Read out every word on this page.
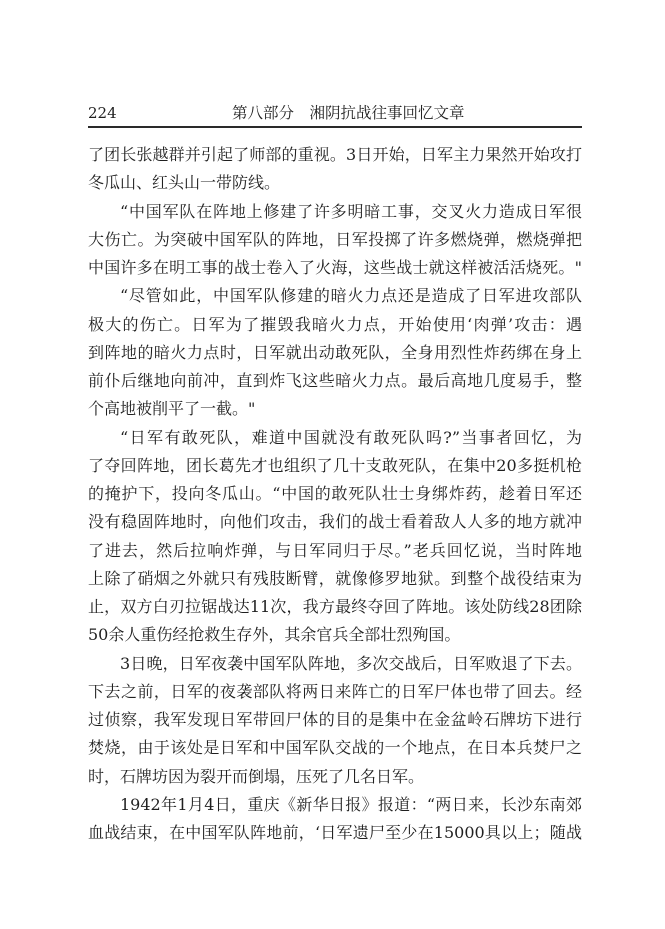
224	第八部分　湘阴抗战往事回忆文章
了团长张越群并引起了师部的重视。3日开始，日军主力果然开始攻打
冬瓜山、红头山一带防线。
“中国军队在阵地上修建了许多明暗工事，交叉火力造成日军很
大伤亡。为突破中国军队的阵地，日军投掷了许多燃烧弹，燃烧弹把
中国许多在明工事的战士卷入了火海，这些战士就这样被活活烧死。"
“尽管如此，中国军队修建的暗火力点还是造成了日军进攻部队
极大的伤亡。日军为了摧毁我暗火力点，开始使用‘肉弹’攻击：遇
到阵地的暗火力点时，日军就出动敢死队，全身用烈性炸药绑在身上
前仆后继地向前冲，直到炸飞这些暗火力点。最后高地几度易手，整
个高地被削平了一截。"
“日军有敢死队，难道中国就没有敢死队吗?”当事者回忆，为
了夺回阵地，团长葛先才也组织了几十支敢死队，在集中20多挺机枪
的掩护下，投向冬瓜山。“中国的敢死队壮士身绑炸药，趁着日军还
没有稳固阵地时，向他们攻击，我们的战士看着敌人人多的地方就冲
了进去，然后拉响炸弹，与日军同归于尽。”老兵回忆说，当时阵地
上除了硝烟之外就只有残肢断臂，就像修罗地狱。到整个战役结束为
止，双方白刃拉锯战达11次，我方最终夺回了阵地。该处防线28团除
50余人重伤经抢救生存外，其余官兵全部壮烈殉国。
3日晚，日军夜袭中国军队阵地，多次交战后，日军败退了下去。
下去之前，日军的夜袭部队将两日来阵亡的日军尸体也带了回去。经
过侦察，我军发现日军带回尸体的目的是集中在金盆岭石牌坊下进行
焚烧，由于该处是日军和中国军队交战的一个地点，在日本兵焚尸之
时，石牌坊因为裂开而倒塌，压死了几名日军。
1942年1月4日，重庆《新华日报》报道：“两日来，长沙东南郊
血战结束，在中国军队阵地前，‘日军遗尸至少在15000具以上；随战
